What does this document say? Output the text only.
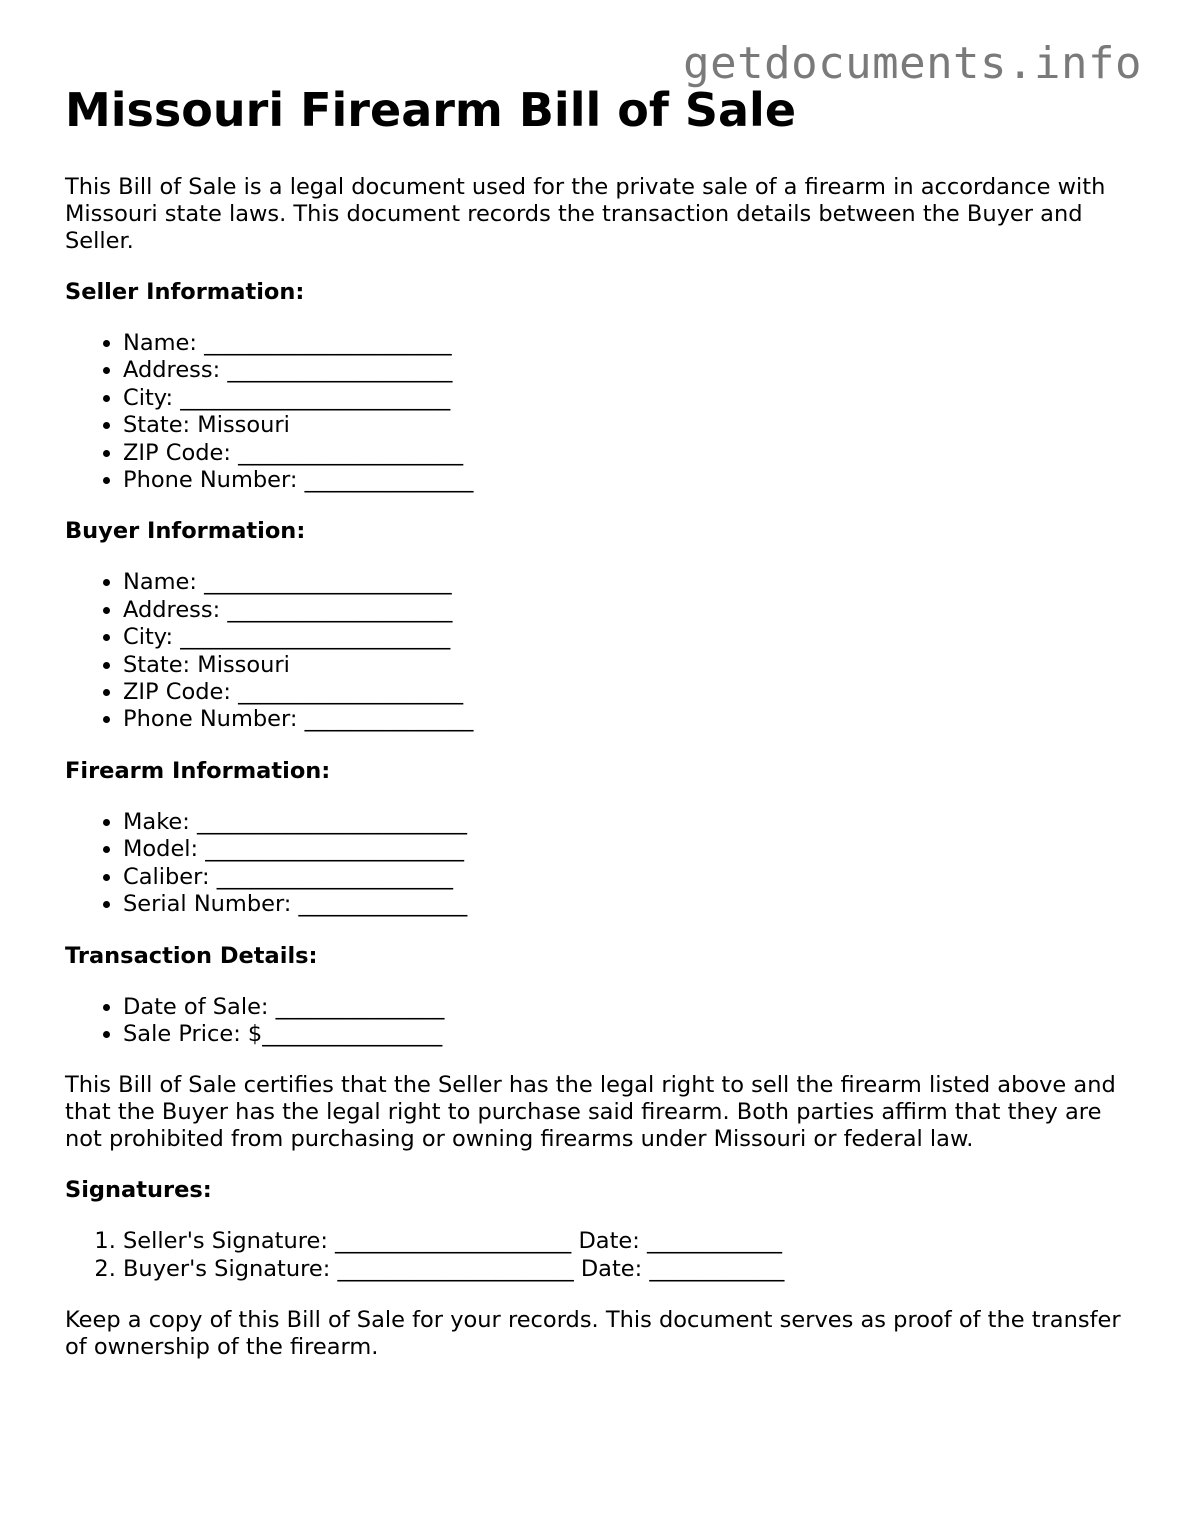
getdocuments.info
Missouri Firearm Bill of Sale

This Bill of Sale is a legal document used for the private sale of a firearm in accordance with Missouri state laws. This document records the transaction details between the Buyer and Seller.

Seller Information:
• Name: ______________________
• Address: ____________________
• City: ________________________
• State: Missouri
• ZIP Code: ____________________
• Phone Number: _______________
Buyer Information:
• Name: ______________________
• Address: ____________________
• City: ________________________
• State: Missouri
• ZIP Code: ____________________
• Phone Number: _______________
Firearm Information:
• Make: ________________________
• Model: _______________________
• Caliber: _____________________
• Serial Number: _______________
Transaction Details:
• Date of Sale: _______________
• Sale Price: $________________

This Bill of Sale certifies that the Seller has the legal right to sell the firearm listed above and that the Buyer has the legal right to purchase said firearm. Both parties affirm that they are not prohibited from purchasing or owning firearms under Missouri or federal law.

Signatures:
1. Seller's Signature: _____________________ Date: ____________
2. Buyer's Signature: _____________________ Date: ____________

Keep a copy of this Bill of Sale for your records. This document serves as proof of the transfer of ownership of the firearm.
